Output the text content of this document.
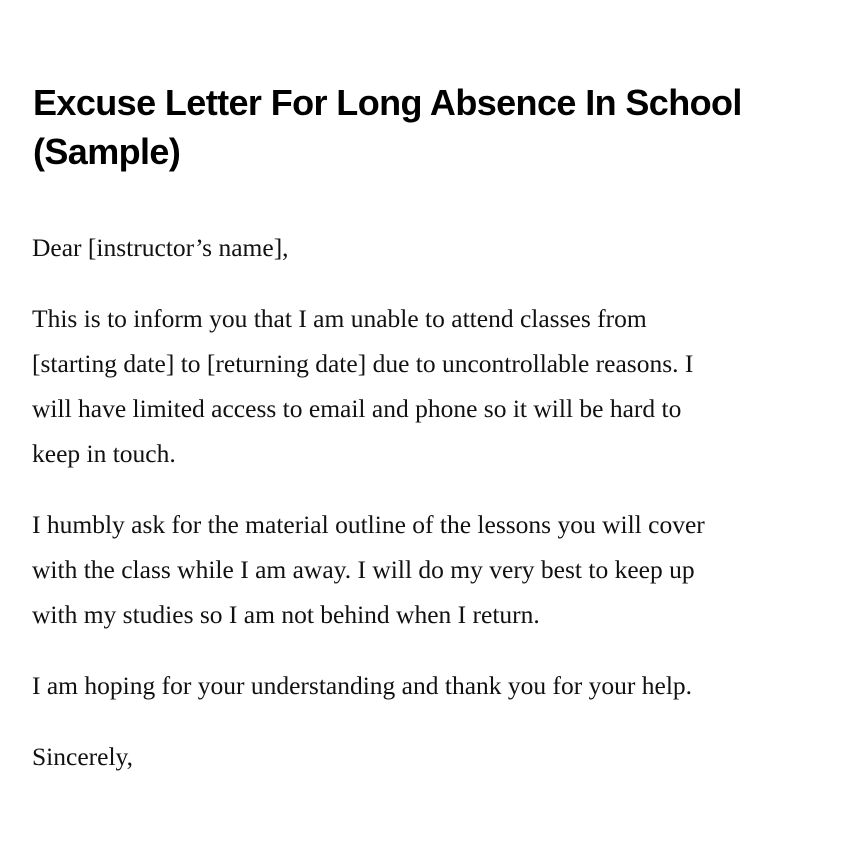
Excuse Letter For Long Absence In School
(Sample)

Dear [instructor’s name],

This is to inform you that I am unable to attend classes from
[starting date] to [returning date] due to uncontrollable reasons. I
will have limited access to email and phone so it will be hard to
keep in touch.

I humbly ask for the material outline of the lessons you will cover
with the class while I am away. I will do my very best to keep up
with my studies so I am not behind when I return.

I am hoping for your understanding and thank you for your help.

Sincerely,
